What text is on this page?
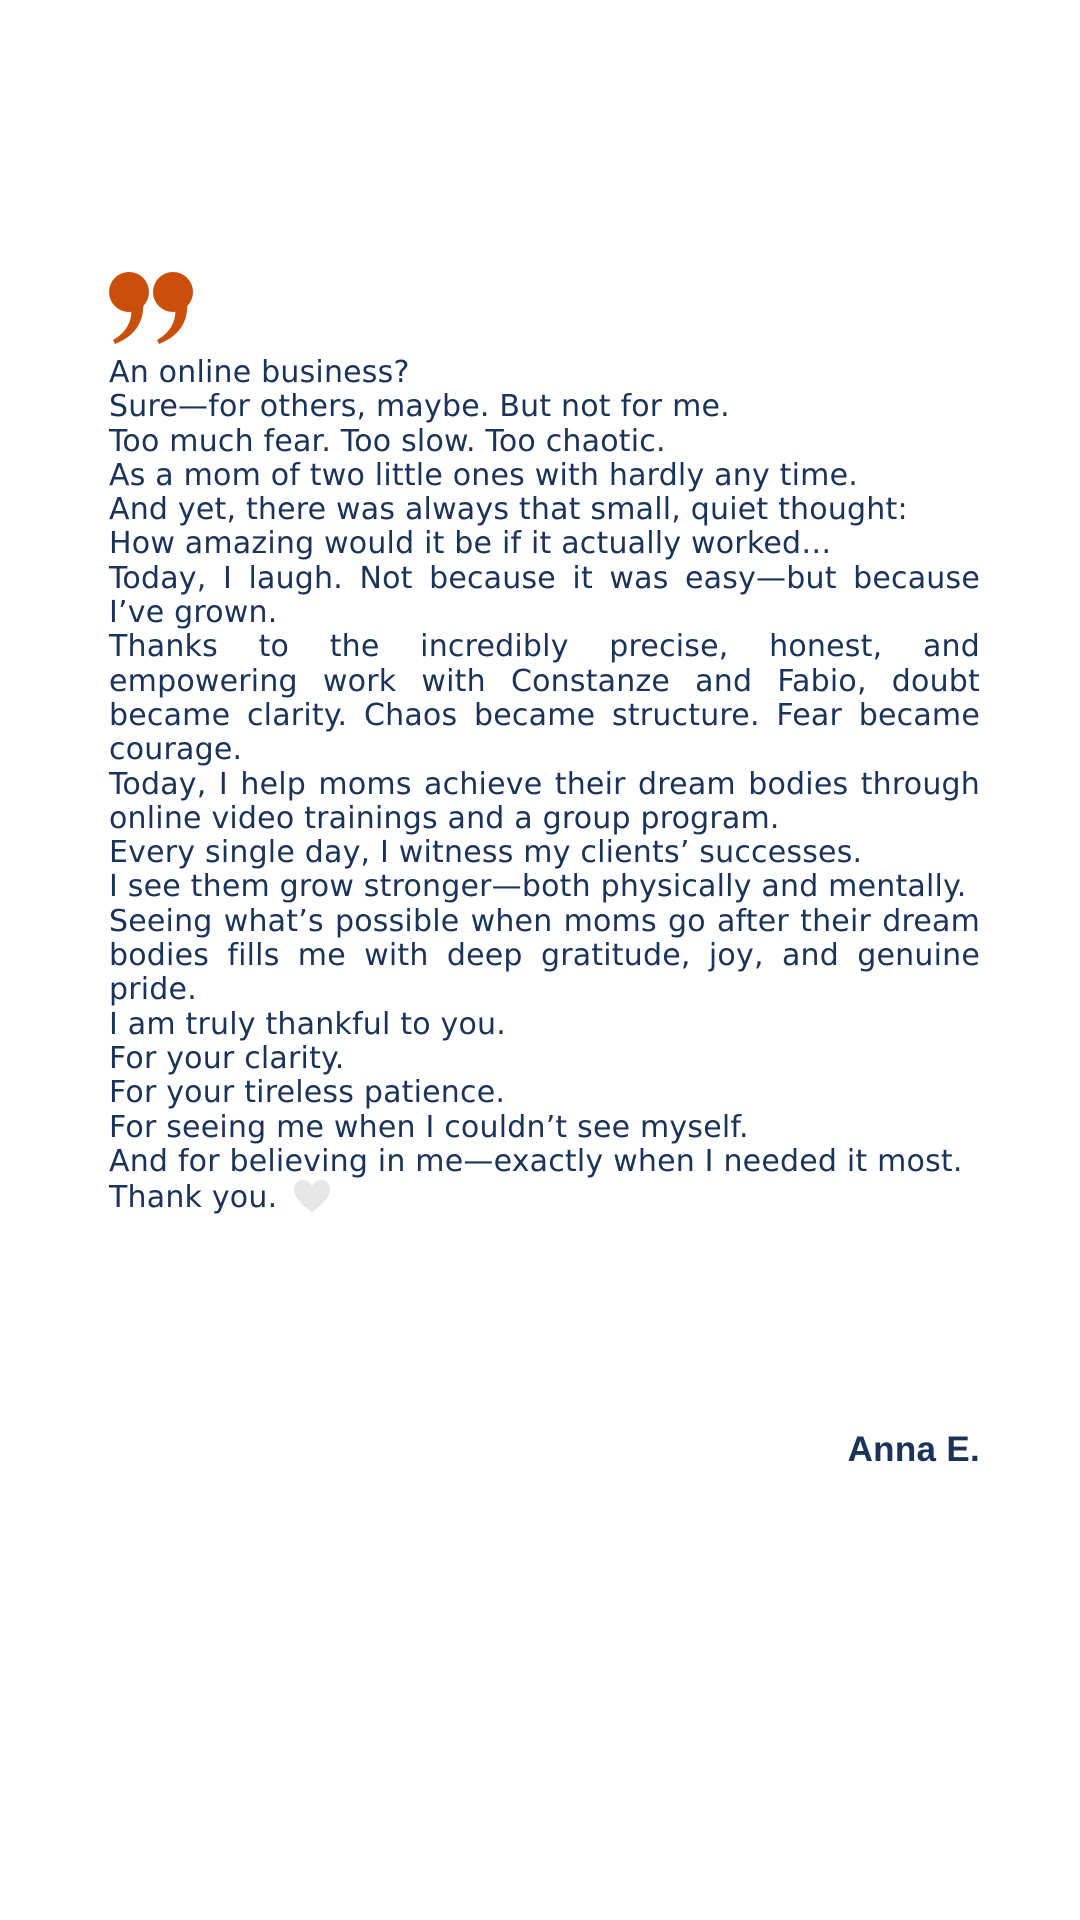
An online business?

Sure—for others, maybe. But not for me.

Too much fear. Too slow. Too chaotic.

As a mom of two little ones with hardly any time.

And yet, there was always that small, quiet thought:

How amazing would it be if it actually worked…

Today, I laugh. Not because it was easy—but because I’ve grown.

Thanks to the incredibly precise, honest, and empowering work with Constanze and Fabio, doubt became clarity. Chaos became structure. Fear became courage.

Today, I help moms achieve their dream bodies through online video trainings and a group program.

Every single day, I witness my clients’ successes.

I see them grow stronger—both physically and mentally.

Seeing what’s possible when moms go after their dream bodies fills me with deep gratitude, joy, and genuine pride.

I am truly thankful to you.

For your clarity.

For your tireless patience.

For seeing me when I couldn’t see myself.

And for believing in me—exactly when I needed it most.

Thank you.

Anna E.
